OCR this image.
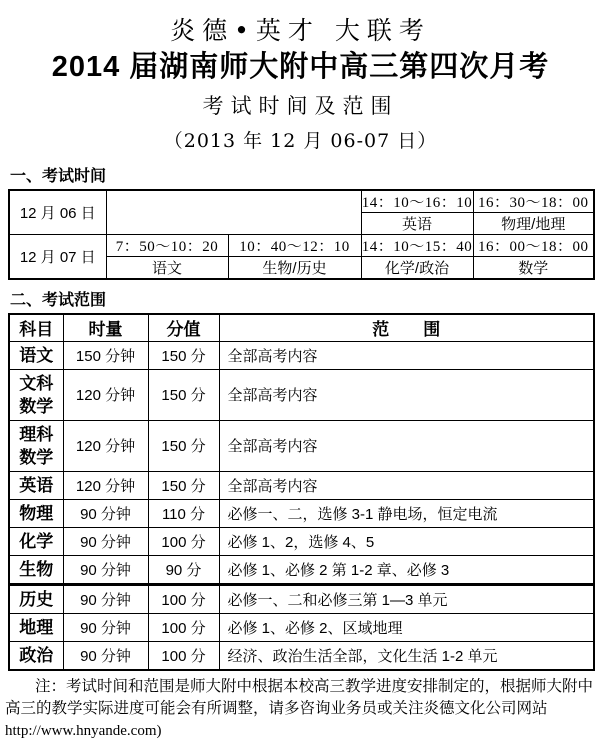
炎德•英才 大联考
2014 届湖南师大附中高三第四次月考
考试时间及范围
（2013 年 12 月 06-07 日）
一、考试时间
12 月 06 日			14：10～16：10	16：30～18：00
			英语	物理/地理
12 月 07 日	7：50～10：20	10：40～12：10	14：10～15：40	16：00～18：00
	语文	生物/历史	化学/政治	数学
二、考试范围
科目	时量	分值	范　　围
语文	150 分钟	150 分	全部高考内容
文科数学	120 分钟	150 分	全部高考内容
理科数学	120 分钟	150 分	全部高考内容
英语	120 分钟	150 分	全部高考内容
物理	90 分钟	110 分	必修一、二，选修 3-1 静电场，恒定电流
化学	90 分钟	100 分	必修 1、2，选修 4、5
生物	90 分钟	90 分	必修 1、必修 2 第 1-2 章、必修 3
历史	90 分钟	100 分	必修一、二和必修三第 1—3 单元
地理	90 分钟	100 分	必修 1、必修 2、区域地理
政治	90 分钟	100 分	经济、政治生活全部，文化生活 1-2 单元

注：考试时间和范围是师大附中根据本校高三教学进度安排制定的，根据师大附中高三的教学实际进度可能会有所调整，请多咨询业务员或关注炎德文化公司网站http://www.hnyande.com)
